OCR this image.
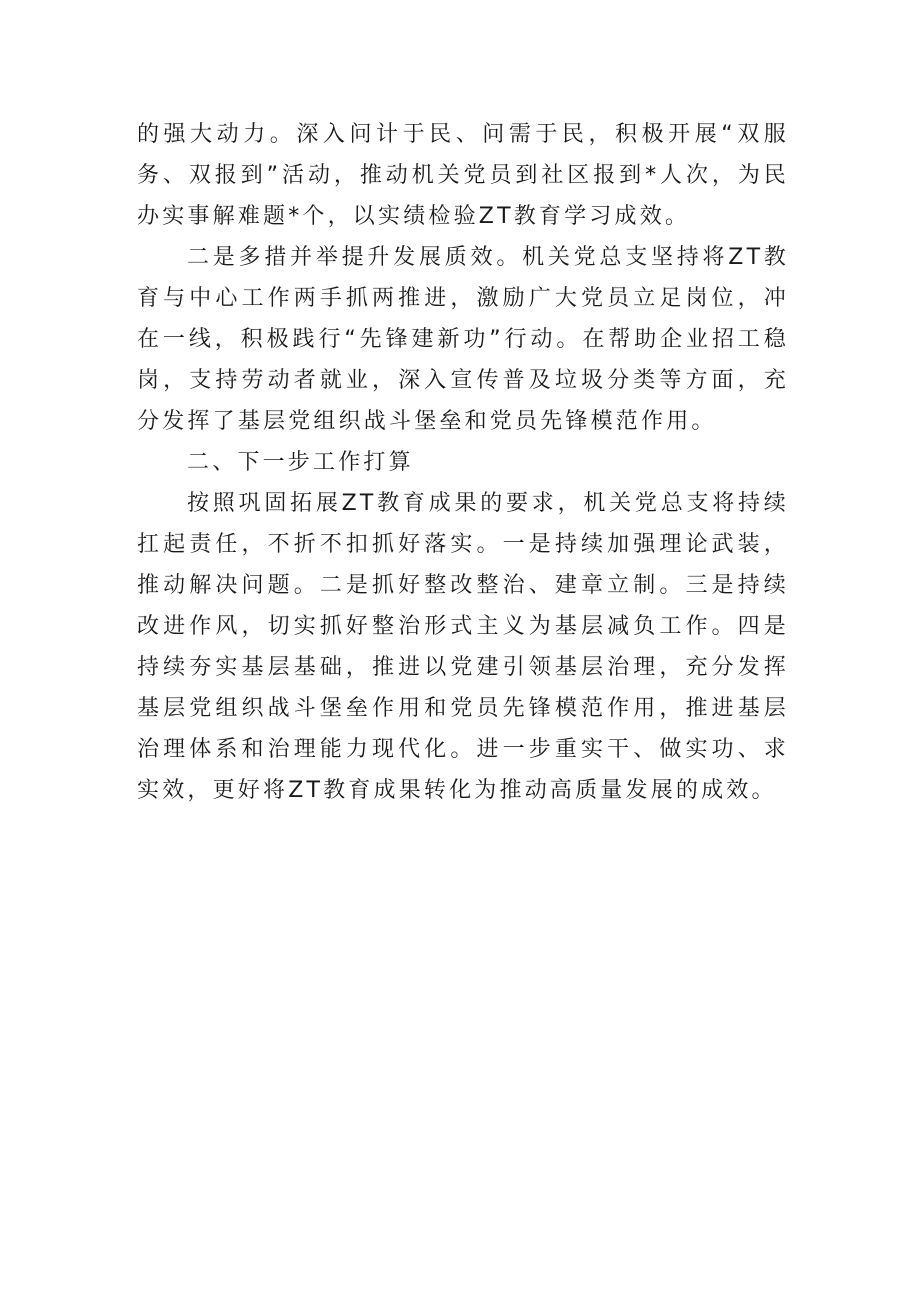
的强大动力。深入问计于民、问需于民，积极开展“双服务、双报到”活动，推动机关党员到社区报到*人次，为民办实事解难题*个，以实绩检验ZT教育学习成效。

二是多措并举提升发展质效。机关党总支坚持将ZT教育与中心工作两手抓两推进，激励广大党员立足岗位，冲在一线，积极践行“先锋建新功”行动。在帮助企业招工稳岗，支持劳动者就业，深入宣传普及垃圾分类等方面，充分发挥了基层党组织战斗堡垒和党员先锋模范作用。

二、下一步工作打算

按照巩固拓展ZT教育成果的要求，机关党总支将持续扛起责任，不折不扣抓好落实。一是持续加强理论武装，推动解决问题。二是抓好整改整治、建章立制。三是持续改进作风，切实抓好整治形式主义为基层减负工作。四是持续夯实基层基础，推进以党建引领基层治理，充分发挥基层党组织战斗堡垒作用和党员先锋模范作用，推进基层治理体系和治理能力现代化。进一步重实干、做实功、求实效，更好将ZT教育成果转化为推动高质量发展的成效。
